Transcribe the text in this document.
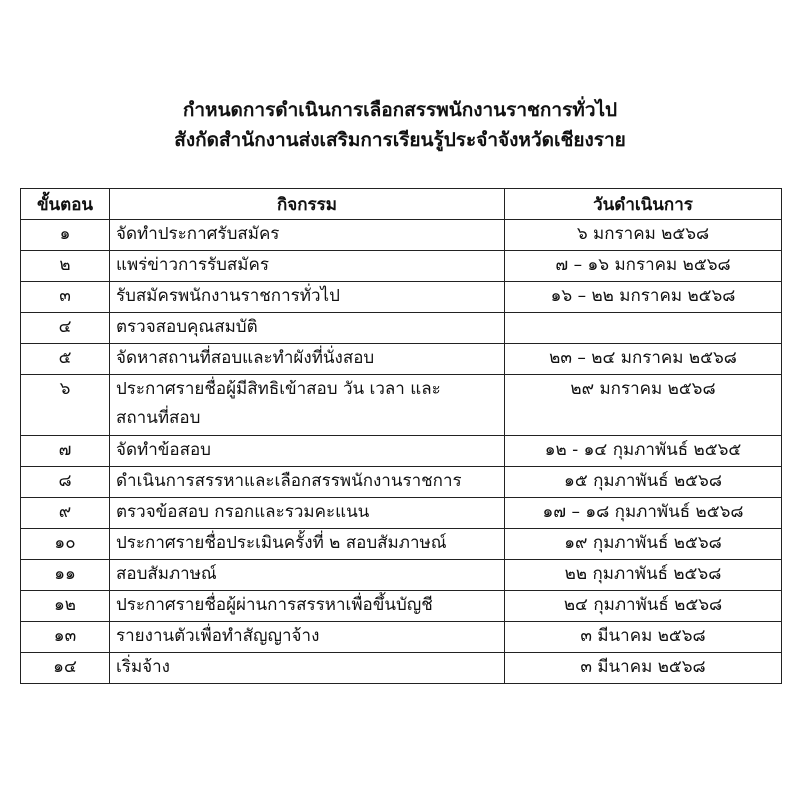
กำหนดการดำเนินการเลือกสรรพนักงานราชการทั่วไป
สังกัดสำนักงานส่งเสริมการเรียนรู้ประจำจังหวัดเชียงราย
ขั้นตอน	กิจกรรม	วันดำเนินการ
๑	จัดทำประกาศรับสมัคร	๖ มกราคม ๒๕๖๘
๒	แพร่ข่าวการรับสมัคร	๗ – ๑๖ มกราคม ๒๕๖๘
๓	รับสมัครพนักงานราชการทั่วไป	๑๖ – ๒๒ มกราคม ๒๕๖๘
๔	ตรวจสอบคุณสมบัติ	
๕	จัดหาสถานที่สอบและทำผังที่นั่งสอบ	๒๓ – ๒๔ มกราคม ๒๕๖๘
๖	ประกาศรายชื่อผู้มีสิทธิเข้าสอบ วัน เวลา และ
สถานที่สอบ	๒๙ มกราคม ๒๕๖๘
๗	จัดทำข้อสอบ	๑๒ - ๑๔ กุมภาพันธ์ ๒๕๖๕
๘	ดำเนินการสรรหาและเลือกสรรพนักงานราชการ	๑๕ กุมภาพันธ์ ๒๕๖๘
๙	ตรวจข้อสอบ กรอกและรวมคะแนน	๑๗ – ๑๘ กุมภาพันธ์ ๒๕๖๘
๑๐	ประกาศรายชื่อประเมินครั้งที่ ๒ สอบสัมภาษณ์	๑๙ กุมภาพันธ์ ๒๕๖๘
๑๑	สอบสัมภาษณ์	๒๒ กุมภาพันธ์ ๒๕๖๘
๑๒	ประกาศรายชื่อผู้ผ่านการสรรหาเพื่อขึ้นบัญชี	๒๔ กุมภาพันธ์ ๒๕๖๘
๑๓	รายงานตัวเพื่อทำสัญญาจ้าง	๓ มีนาคม ๒๕๖๘
๑๔	เริ่มจ้าง	๓ มีนาคม ๒๕๖๘
